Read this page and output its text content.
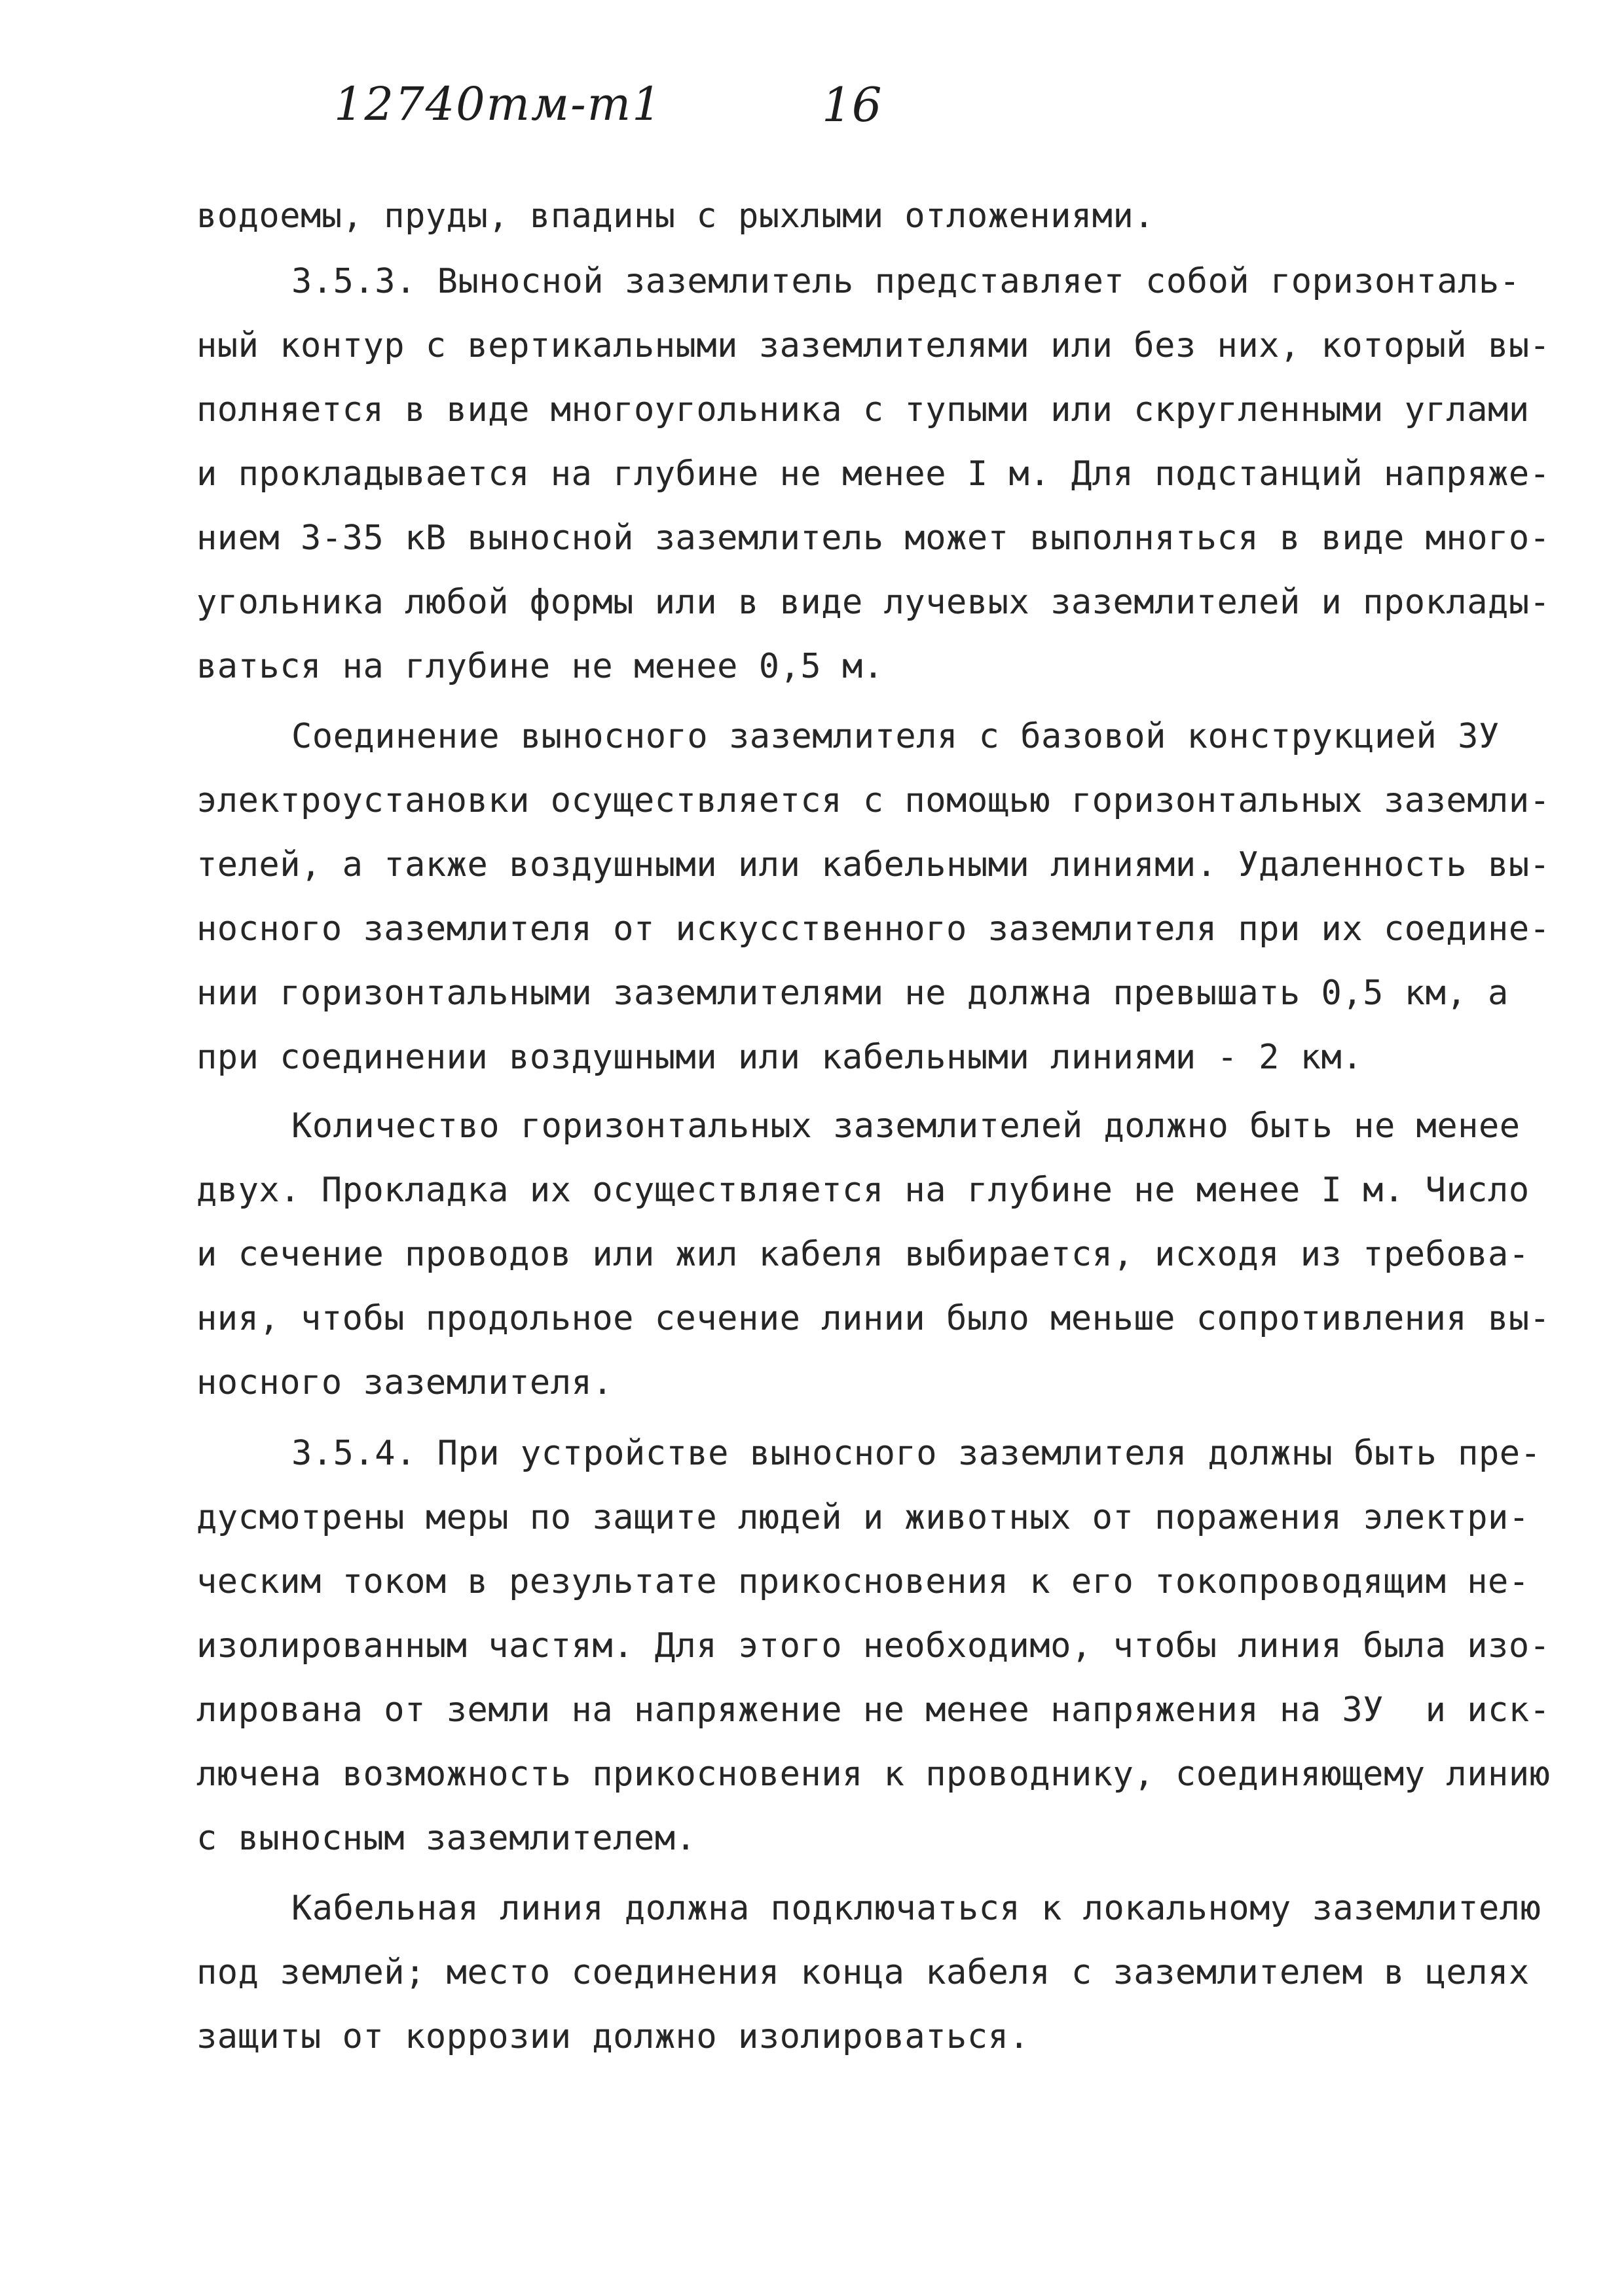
12740тм-т1	16
водоемы, пруды, впадины с рыхлыми отложениями.
3.5.3. Выносной заземлитель представляет собой горизонталь-
ный контур с вертикальными заземлителями или без них, который вы-
полняется в виде многоугольника с тупыми или скругленными углами
и прокладывается на глубине не менее I м. Для подстанций напряже-
нием 3-35 кВ выносной заземлитель может выполняться в виде много-
угольника любой формы или в виде лучевых заземлителей и проклады-
ваться на глубине не менее 0,5 м.
Соединение выносного заземлителя с базовой конструкцией ЗУ
электроустановки осуществляется с помощью горизонтальных заземли-
телей, а также воздушными или кабельными линиями. Удаленность вы-
носного заземлителя от искусственного заземлителя при их соедине-
нии горизонтальными заземлителями не должна превышать 0,5 км, а
при соединении воздушными или кабельными линиями - 2 км.
Количество горизонтальных заземлителей должно быть не менее
двух. Прокладка их осуществляется на глубине не менее I м. Число
и сечение проводов или жил кабеля выбирается, исходя из требова-
ния, чтобы продольное сечение линии было меньше сопротивления вы-
носного заземлителя.
3.5.4. При устройстве выносного заземлителя должны быть пре-
дусмотрены меры по защите людей и животных от поражения электри-
ческим током в результате прикосновения к его токопроводящим не-
изолированным частям. Для этого необходимо, чтобы линия была изо-
лирована от земли на напряжение не менее напряжения на ЗУ  и иск-
лючена возможность прикосновения к проводнику, соединяющему линию
с выносным заземлителем.
Кабельная линия должна подключаться к локальному заземлителю
под землей; место соединения конца кабеля с заземлителем в целях
защиты от коррозии должно изолироваться.
